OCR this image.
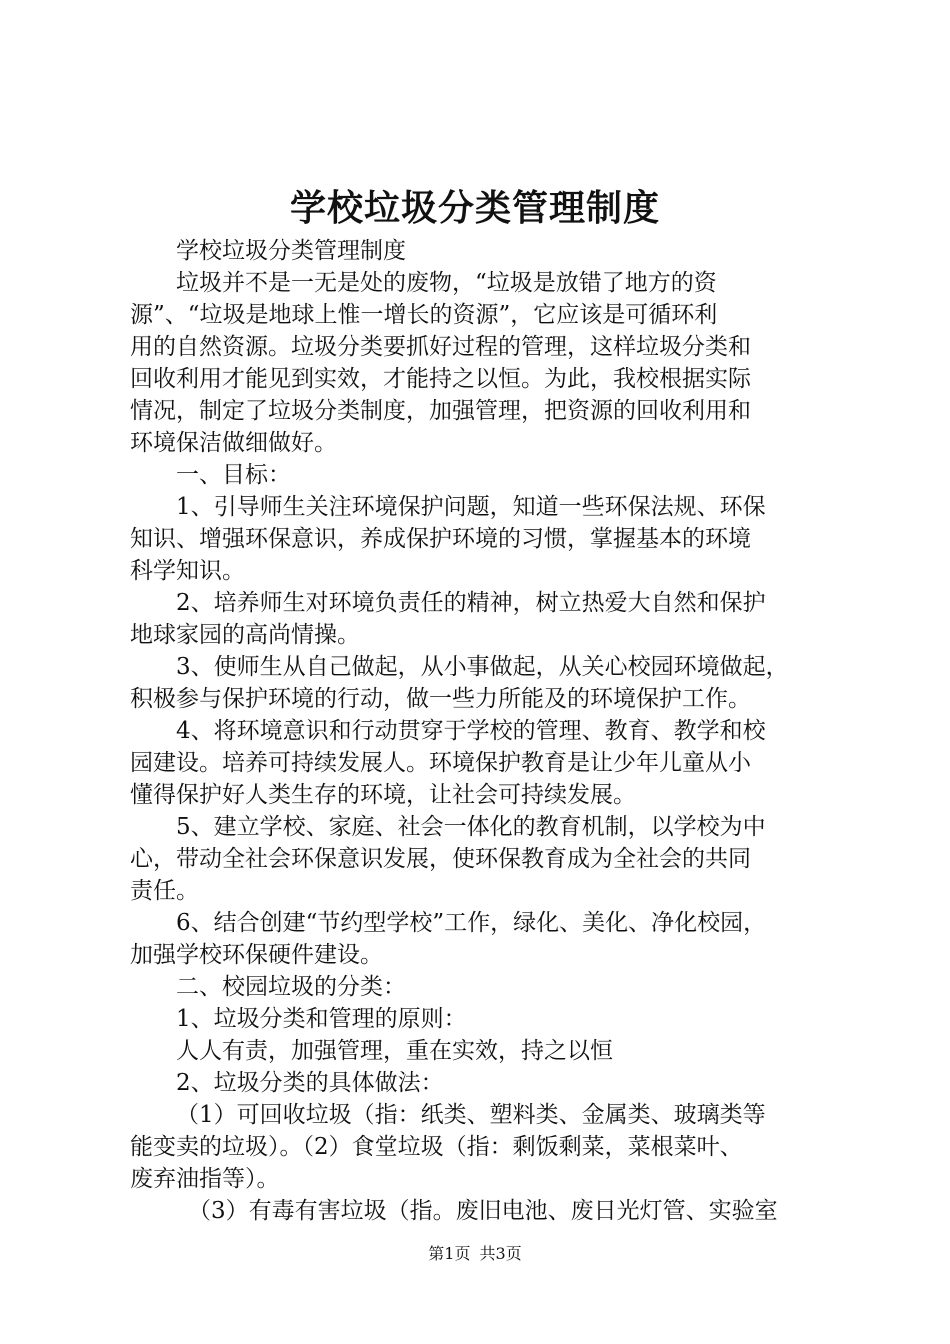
学校垃圾分类管理制度
学校垃圾分类管理制度
垃圾并不是一无是处的废物，“垃圾是放错了地方的资
源”、“垃圾是地球上惟一增长的资源”，它应该是可循环利
用的自然资源。垃圾分类要抓好过程的管理，这样垃圾分类和
回收利用才能见到实效，才能持之以恒。为此，我校根据实际
情况，制定了垃圾分类制度，加强管理，把资源的回收利用和
环境保洁做细做好。
一、目标：
1、引导师生关注环境保护问题，知道一些环保法规、环保
知识、增强环保意识，养成保护环境的习惯，掌握基本的环境
科学知识。
2、培养师生对环境负责任的精神，树立热爱大自然和保护
地球家园的高尚情操。
3、使师生从自己做起，从小事做起，从关心校园环境做起，
积极参与保护环境的行动，做一些力所能及的环境保护工作。
4、将环境意识和行动贯穿于学校的管理、教育、教学和校
园建设。培养可持续发展人。环境保护教育是让少年儿童从小
懂得保护好人类生存的环境，让社会可持续发展。
5、建立学校、家庭、社会一体化的教育机制，以学校为中
心，带动全社会环保意识发展，使环保教育成为全社会的共同
责任。
6、结合创建“节约型学校”工作，绿化、美化、净化校园，
加强学校环保硬件建设。
二、校园垃圾的分类：
1、垃圾分类和管理的原则：
人人有责，加强管理，重在实效，持之以恒
2、垃圾分类的具体做法：
（1）可回收垃圾（指：纸类、塑料类、金属类、玻璃类等
能变卖的垃圾）。（2）食堂垃圾（指：剩饭剩菜，菜根菜叶、
废弃油指等）。
（3）有毒有害垃圾（指。废旧电池、废日光灯管、实验室
第1页 共3页
